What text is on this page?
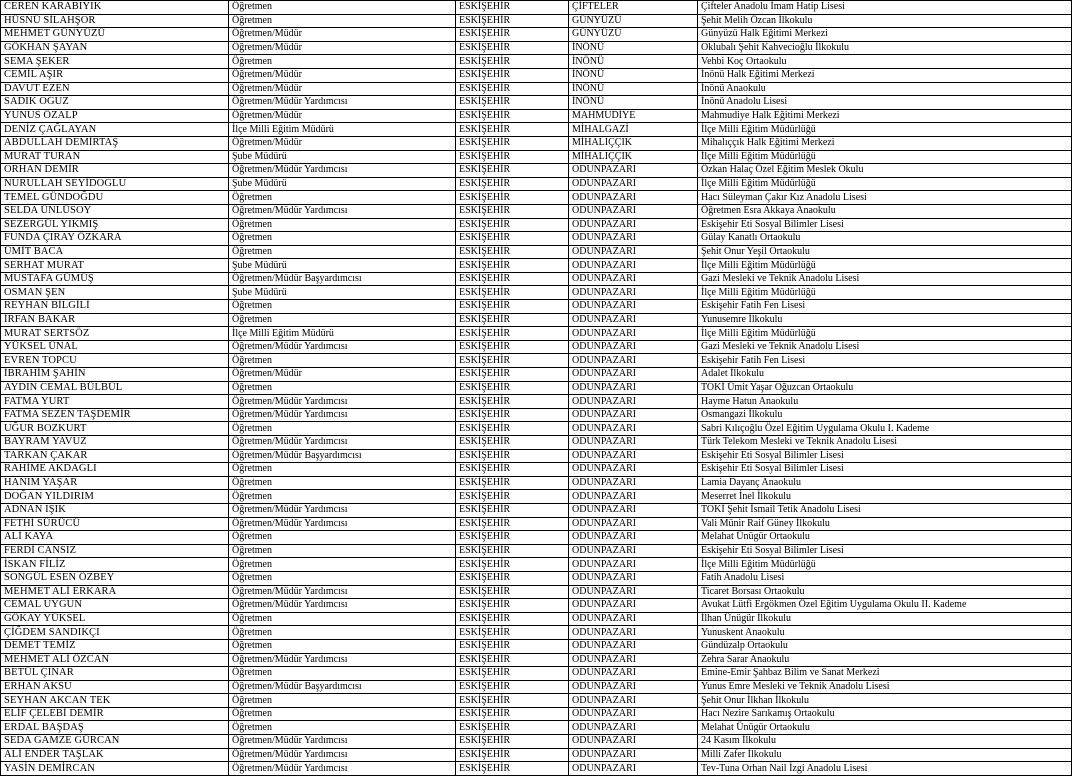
CEREN KARABIYIK	Öğretmen	ESKİŞEHİR	ÇİFTELER	Çifteler Anadolu İmam Hatip Lisesi
HÜSNÜ SİLAHŞOR	Öğretmen	ESKİŞEHİR	GÜNYÜZÜ	Şehit Melih Özcan İlkokulu
MEHMET GÜNYÜZÜ	Öğretmen/Müdür	ESKİŞEHİR	GÜNYÜZÜ	Günyüzü Halk Eğitimi Merkezi
GÖKHAN ŞAYAN	Öğretmen/Müdür	ESKİŞEHİR	İNÖNÜ	Oklubalı Şehit Kahvecioğlu İlkokulu
SEMA ŞEKER	Öğretmen	ESKİŞEHİR	İNÖNÜ	Vehbi Koç Ortaokulu
CEMİL AŞIR	Öğretmen/Müdür	ESKİŞEHİR	İNÖNÜ	İnönü Halk Eğitimi Merkezi
DAVUT EZEN	Öğretmen/Müdür	ESKİŞEHİR	İNÖNÜ	İnönü Anaokulu
SADIK OĞUZ	Öğretmen/Müdür Yardımcısı	ESKİŞEHİR	İNÖNÜ	İnönü Anadolu Lisesi
YUNUS ÖZALP	Öğretmen/Müdür	ESKİŞEHİR	MAHMUDİYE	Mahmudiye Halk Eğitimi Merkezi
DENİZ ÇAĞLAYAN	İlçe Milli Eğitim Müdürü	ESKİŞEHİR	MİHALGAZİ	İlçe Milli Eğitim Müdürlüğü
ABDULLAH DEMİRTAŞ	Öğretmen/Müdür	ESKİŞEHİR	MİHALIÇÇIK	Mihalıççık Halk Eğitimi Merkezi
MURAT TURAN	Şube Müdürü	ESKİŞEHİR	MİHALIÇÇIK	İlçe Milli Eğitim Müdürlüğü
ORHAN DEMİR	Öğretmen/Müdür Yardımcısı	ESKİŞEHİR	ODUNPAZARI	Özkan Halaç Özel Eğitim Meslek Okulu
NURULLAH SEYİDOĞLU	Şube Müdürü	ESKİŞEHİR	ODUNPAZARI	İlçe Milli Eğitim Müdürlüğü
TEMEL GÜNDOĞDU	Öğretmen	ESKİŞEHİR	ODUNPAZARI	Hacı Süleyman Çakır Kız Anadolu Lisesi
SELDA ÜNLÜSOY	Öğretmen/Müdür Yardımcısı	ESKİŞEHİR	ODUNPAZARI	Öğretmen Esra Akkaya Anaokulu
SEZERGÜL YIKMIŞ	Öğretmen	ESKİŞEHİR	ODUNPAZARI	Eskişehir Eti Sosyal Bilimler Lisesi
FUNDA ÇIRAY ÖZKARA	Öğretmen	ESKİŞEHİR	ODUNPAZARI	Gülay Kanatlı Ortaokulu
ÜMİT BACA	Öğretmen	ESKİŞEHİR	ODUNPAZARI	Şehit Onur Yeşil Ortaokulu
SERHAT MURAT	Şube Müdürü	ESKİŞEHİR	ODUNPAZARI	İlçe Milli Eğitim Müdürlüğü
MUSTAFA GÜMÜŞ	Öğretmen/Müdür Başyardımcısı	ESKİŞEHİR	ODUNPAZARI	Gazi Mesleki ve Teknik Anadolu Lisesi
OSMAN ŞEN	Şube Müdürü	ESKİŞEHİR	ODUNPAZARI	İlçe Milli Eğitim Müdürlüğü
REYHAN BİLGİLİ	Öğretmen	ESKİŞEHİR	ODUNPAZARI	Eskişehir Fatih Fen Lisesi
İRFAN BAKAR	Öğretmen	ESKİŞEHİR	ODUNPAZARI	Yunusemre İlkokulu
MURAT SERTSÖZ	İlçe Milli Eğitim Müdürü	ESKİŞEHİR	ODUNPAZARI	İlçe Milli Eğitim Müdürlüğü
YÜKSEL ÜNAL	Öğretmen/Müdür Yardımcısı	ESKİŞEHİR	ODUNPAZARI	Gazi Mesleki ve Teknik Anadolu Lisesi
EVREN TOPCU	Öğretmen	ESKİŞEHİR	ODUNPAZARI	Eskişehir Fatih Fen Lisesi
İBRAHİM ŞAHİN	Öğretmen/Müdür	ESKİŞEHİR	ODUNPAZARI	Adalet İlkokulu
AYDIN CEMAL BÜLBÜL	Öğretmen	ESKİŞEHİR	ODUNPAZARI	TOKİ Ümit Yaşar Oğuzcan Ortaokulu
FATMA YURT	Öğretmen/Müdür Yardımcısı	ESKİŞEHİR	ODUNPAZARI	Hayme Hatun Anaokulu
FATMA SEZEN TAŞDEMİR	Öğretmen/Müdür Yardımcısı	ESKİŞEHİR	ODUNPAZARI	Osmangazi İlkokulu
UĞUR BOZKURT	Öğretmen	ESKİŞEHİR	ODUNPAZARI	Sabri Kılıçoğlu Özel Eğitim Uygulama Okulu I. Kademe
BAYRAM YAVUZ	Öğretmen/Müdür Yardımcısı	ESKİŞEHİR	ODUNPAZARI	Türk Telekom Mesleki ve Teknik Anadolu Lisesi
TARKAN ÇAKAR	Öğretmen/Müdür Başyardımcısı	ESKİŞEHİR	ODUNPAZARI	Eskişehir Eti Sosyal Bilimler Lisesi
RAHİME AKDAĞLI	Öğretmen	ESKİŞEHİR	ODUNPAZARI	Eskişehir Eti Sosyal Bilimler Lisesi
HANIM YAŞAR	Öğretmen	ESKİŞEHİR	ODUNPAZARI	Lamia Dayanç Anaokulu
DOĞAN YILDIRIM	Öğretmen	ESKİŞEHİR	ODUNPAZARI	Meserret İnel İlkokulu
ADNAN IŞIK	Öğretmen/Müdür Yardımcısı	ESKİŞEHİR	ODUNPAZARI	TOKİ Şehit İsmail Tetik Anadolu Lisesi
FETHİ SÜRÜCÜ	Öğretmen/Müdür Yardımcısı	ESKİŞEHİR	ODUNPAZARI	Vali Münir Raif Güney İlkokulu
ALİ KAYA	Öğretmen	ESKİŞEHİR	ODUNPAZARI	Melahat Ünügür Ortaokulu
FERDİ CANSIZ	Öğretmen	ESKİŞEHİR	ODUNPAZARI	Eskişehir Eti Sosyal Bilimler Lisesi
İSKAN FİLİZ	Öğretmen	ESKİŞEHİR	ODUNPAZARI	İlçe Milli Eğitim Müdürlüğü
SONGÜL ESEN ÖZBEY	Öğretmen	ESKİŞEHİR	ODUNPAZARI	Fatih Anadolu Lisesi
MEHMET ALİ ERKARA	Öğretmen/Müdür Yardımcısı	ESKİŞEHİR	ODUNPAZARI	Ticaret Borsası Ortaokulu
CEMAL UYGUN	Öğretmen/Müdür Yardımcısı	ESKİŞEHİR	ODUNPAZARI	Avukat Lütfi Ergökmen Özel Eğitim Uygulama Okulu II. Kademe
GÖKAY YÜKSEL	Öğretmen	ESKİŞEHİR	ODUNPAZARI	İlhan Ünügür İlkokulu
ÇİĞDEM SANDIKÇI	Öğretmen	ESKİŞEHİR	ODUNPAZARI	Yunuskent Anaokulu
DEMET TEMİZ	Öğretmen	ESKİŞEHİR	ODUNPAZARI	Gündüzalp Ortaokulu
MEHMET ALİ ÖZCAN	Öğretmen/Müdür Yardımcısı	ESKİŞEHİR	ODUNPAZARI	Zehra Sarar Anaokulu
BETÜL ÇINAR	Öğretmen	ESKİŞEHİR	ODUNPAZARI	Emine-Emir Şahbaz Bilim ve Sanat Merkezi
ERHAN AKSU	Öğretmen/Müdür Başyardımcısı	ESKİŞEHİR	ODUNPAZARI	Yunus Emre Mesleki ve Teknik Anadolu Lisesi
SEYHAN AKCAN TEK	Öğretmen	ESKİŞEHİR	ODUNPAZARI	Şehit Onur İlkhan İlkokulu
ELİF ÇELEBİ DEMİR	Öğretmen	ESKİŞEHİR	ODUNPAZARI	Hacı Nezire Sarıkamış Ortaokulu
ERDAL BAŞDAŞ	Öğretmen	ESKİŞEHİR	ODUNPAZARI	Melahat Ünügür Ortaokulu
SEDA GAMZE GÜRCAN	Öğretmen/Müdür Yardımcısı	ESKİŞEHİR	ODUNPAZARI	24 Kasım İlkokulu
ALİ ENDER TAŞLAK	Öğretmen/Müdür Yardımcısı	ESKİŞEHİR	ODUNPAZARI	Milli Zafer İlkokulu
YASİN DEMİRCAN	Öğretmen/Müdür Yardımcısı	ESKİŞEHİR	ODUNPAZARI	Tev-Tuna Orhan Nail İzgi Anadolu Lisesi
